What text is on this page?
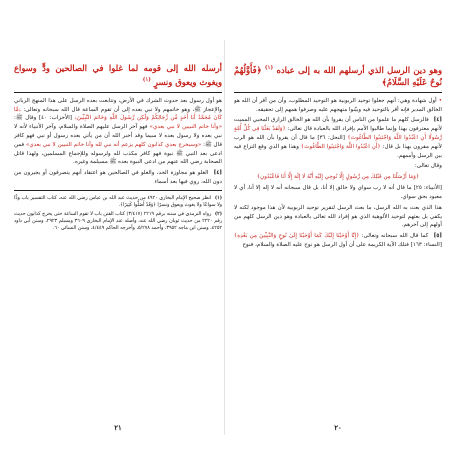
أرسله الله إلى قومه لما غلوا في الصالحين ودٍّ وسواع ويغوث ويعوق ونسرٍ $^{(١)}$
هو أول رسول بعد حدوث الشرك في الأرض، وتتابعت بعده الرسل على هذا المنهج الرباني والإعجاز ﷺ، وهو خاتمهم ولا نبي بعده إلى أن تقوم الساعة قال الله سبحانه وتعالى: ﴿مَّا كَانَ مُحَمَّدٌ أَبَا أَحَدٍ مِّن رِّجَالِكُمْ وَلَٰكِن رَّسُولَ اللَّهِ وَخَاتَمَ النَّبِيِّينَ﴾ [الأحزاب: ٤٠] وقال ﷺ: «وأنا خاتم النبيين لا نبي بعدي» فهو آخر الرسل عليهم الصلاة والسلام، وآخر الأنبياء لأنه لا نبي بعده ولا رسول بعده لا سيما وقد أخبر الله أن من يأتي بعده رسول أو نبي فهو كافر قال ﷺ: «وسيخرج بعدي كذابون كلهم يزعم أنه نبي لله وأنا خاتم النبيين لا نبي بعدي» فمن ادعى بعد النبي ﷺ نبوة فهو كافر مكذب لله ولرسوله وللإجماع المسلمين، ولهذا قاتل الصحابة رضي الله عنهم من ادعى النبوة بعده ﷺ مسيلمة وغيره.
[٤] الغلو هو مجاوزة الحد، والغلو في الصالحين هو اعتقاد أنهم يتصرفون أو يجيرون من دون الله، روي فيها بعد أسماء
(١) انظر صحيح الإمام البخاري ٤٩٢٠ من حديث عبد الله بن عباس رضي الله عنه، كتاب التفسير باب ودًّا ولا سواعًا ولا يغوث ويعوق ونسرًا ﴿وَقَدْ أَضَلُّوا كَثِيرًا﴾.
(٢) رواه الترمذي في سننه برقم ٢٢١٩ (٣/٤١٧) كتاب الفتن باب لا تقوم الساعة حتى يخرج كذابون حديث رقم ٢٢٢٠ من حديث ثوبان رضي الله عنه، وأصله عند الإمام البخاري ٣٦٠٩ ومسلم ٢٩٢٣، وسنن أبي داود ٤٢٥٢، وسنن ابن ماجه ٣٩٥٢، وأحمد ٥/٢٧٨، وأخرجه الحاكم ٤/٤٤٩، وسنن النسائي ٦٠.
٢١
وهو دين الرسل الذي أرسلهم الله به إلى عباده $^{(١)}$ ﴿فَأَوَّلُهُمْ نُوحٌ عَلَيْهِ السَّلَامُ﴾
• أول شهادة وهي: أنهم جعلوا توحيد الربوبية هو التوحيد المطلوب، وأن من أقر أن الله هو الخالق المدبر فإنه أقر بالتوحيد فيه وبيّنوا منهجهم عليه وصرفوا همهم إلى تحقيقه.
[٤] فالرسل كلهم ما علموا من الناس أن يقروا بأن الله هو الخالق الرازق المحيي المميت لأنهم معترفون بهذا وإنما طالبوا الأمم بإفراد الله بالعبادة قال تعالى: ﴿وَلَقَدْ بَعَثْنَا فِي كُلِّ أُمَّةٍ رَّسُولًا أَنِ اعْبُدُوا اللَّهَ وَاجْتَنِبُوا الطَّاغُوتَ﴾ [النحل: ٣٦] ما قال أن يقروا بأن الله هو الرب لأنهم مقرون بهذا بل قال: ﴿أَنِ اعْبُدُوا اللَّهَ وَاجْتَنِبُوا الطَّاغُوتَ﴾ وهذا هو الذي وقع النزاع فيه بين الرسل وأممهم.
وقال تعالى:
﴿وَمَا أَرْسَلْنَا مِن قَبْلِكَ مِن رَّسُولٍ إِلَّا نُوحِي إِلَيْهِ أَنَّهُ لَا إِلَٰهَ إِلَّا أَنَا فَاعْبُدُونِ﴾
[الأنبياء: ٢٥] ما قال أنه لا رب سواي ولا خالق إلا أنا، بل قال سبحانه أنه لا إله إلا أنا، أي لا معبود بحق سواي.
هذا الذي بعث به الله الرسل، ما بعث الرسل لتقرير توحيد الربوبية لأن هذا موجود لكنه لا يكفي بل بعثهم لتوحيد الألوهية الذي هو إفراد الله تعالى بالعبادة وهو دين الرسل كلهم من أولهم إلى آخرهم.
[٥] كما قال الله سبحانه وتعالى: ﴿إِنَّا أَوْحَيْنَا إِلَيْكَ كَمَا أَوْحَيْنَا إِلَىٰ نُوحٍ وَالنَّبِيِّينَ مِن بَعْدِهِ﴾ [النساء: ١٦٣] فتلك الآية الكريمة على أن أول الرسل هو نوح عليه الصلاة والسلام، فنوح
٢٠
